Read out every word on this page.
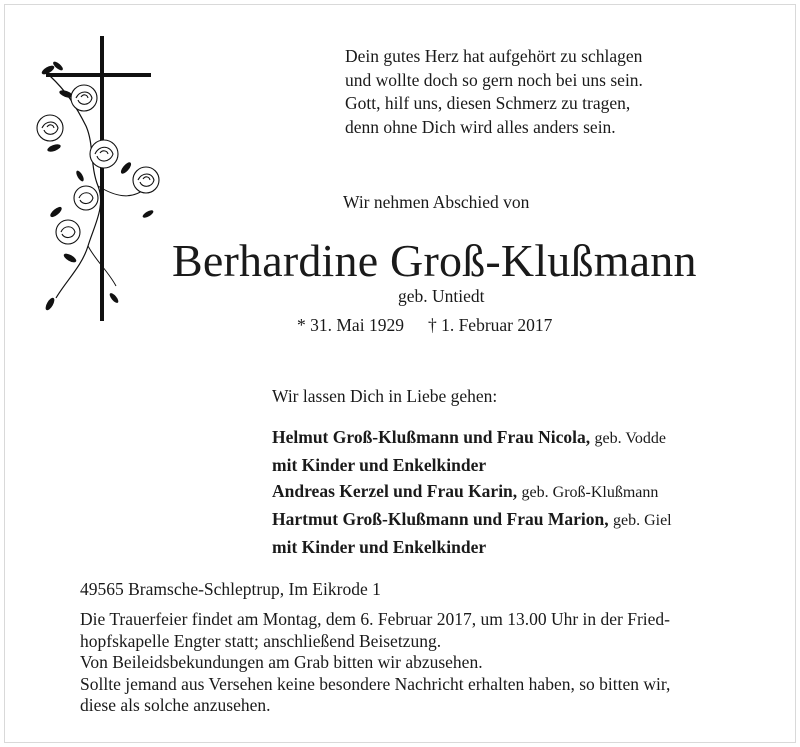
Dein gutes Herz hat aufgehört zu schlagen
und wollte doch so gern noch bei uns sein.
Gott, hilf uns, diesen Schmerz zu tragen,
denn ohne Dich wird alles anders sein.
Wir nehmen Abschied von
Berhardine Groß-Klußmann
geb. Untiedt
* 31. Mai 1929 † 1. Februar 2017
Wir lassen Dich in Liebe gehen:
Helmut Groß-Klußmann und Frau Nicola, geb. Vodde
mit Kinder und Enkelkinder
Andreas Kerzel und Frau Karin, geb. Groß-Klußmann
Hartmut Groß-Klußmann und Frau Marion, geb. Giel
mit Kinder und Enkelkinder
49565 Bramsche-Schleptrup, Im Eikrode 1
Die Trauerfeier findet am Montag, dem 6. Februar 2017, um 13.00 Uhr in der Fried-
hopfskapelle Engter statt; anschließend Beisetzung.
Von Beileidsbekundungen am Grab bitten wir abzusehen.
Sollte jemand aus Versehen keine besondere Nachricht erhalten haben, so bitten wir,
diese als solche anzusehen.
